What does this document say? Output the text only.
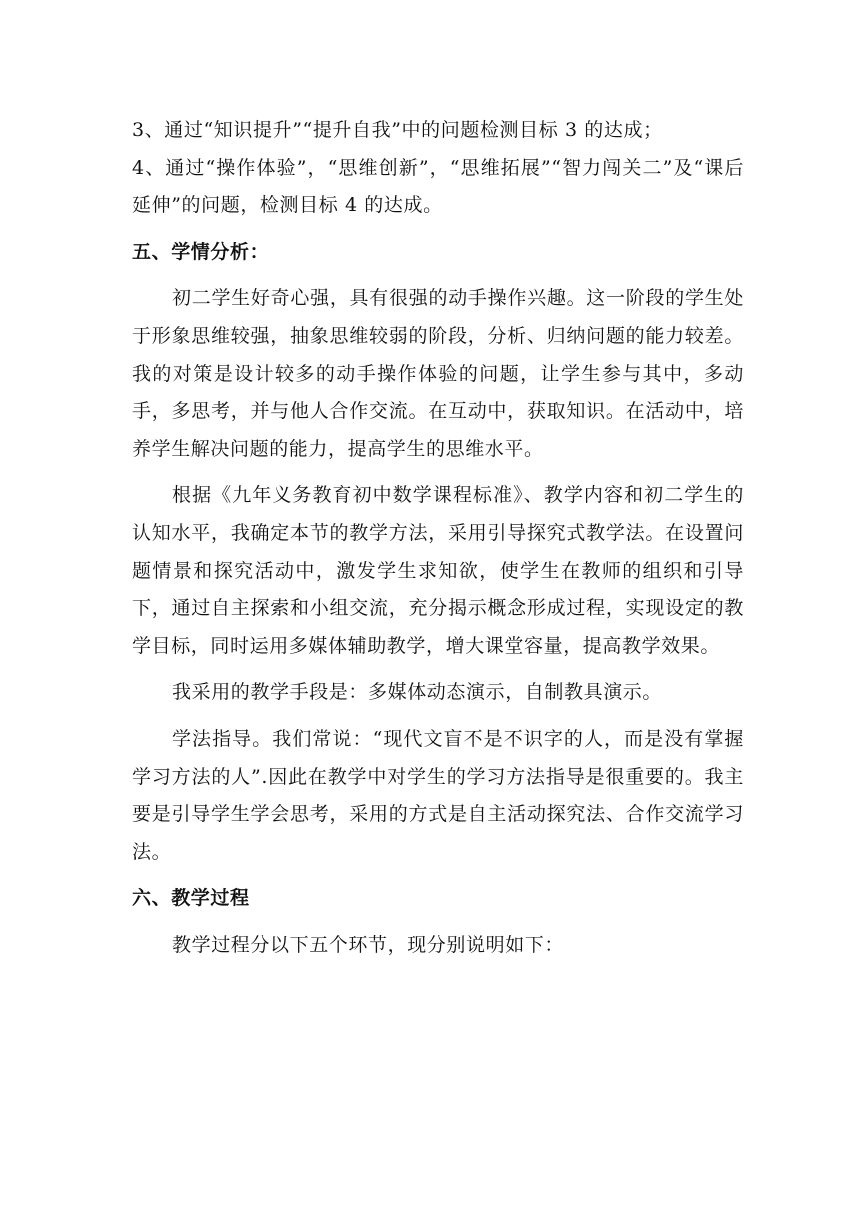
3、通过“知识提升”“提升自我”中的问题检测目标 3 的达成；

4、通过“操作体验”，“思维创新”，“思维拓展”“智力闯关二”及“课后延伸”的问题，检测目标 4 的达成。

五、学情分析：

初二学生好奇心强，具有很强的动手操作兴趣。这一阶段的学生处于形象思维较强，抽象思维较弱的阶段，分析、归纳问题的能力较差。我的对策是设计较多的动手操作体验的问题，让学生参与其中，多动手，多思考，并与他人合作交流。在互动中，获取知识。在活动中，培养学生解决问题的能力，提高学生的思维水平。

根据《九年义务教育初中数学课程标准》、教学内容和初二学生的认知水平，我确定本节的教学方法，采用引导探究式教学法。在设置问题情景和探究活动中，激发学生求知欲，使学生在教师的组织和引导下，通过自主探索和小组交流，充分揭示概念形成过程，实现设定的教学目标，同时运用多媒体辅助教学，增大课堂容量，提高教学效果。

我采用的教学手段是：多媒体动态演示，自制教具演示。

学法指导。我们常说：“现代文盲不是不识字的人，而是没有掌握学习方法的人”.因此在教学中对学生的学习方法指导是很重要的。我主要是引导学生学会思考，采用的方式是自主活动探究法、合作交流学习法。

六、教学过程

教学过程分以下五个环节，现分别说明如下：
